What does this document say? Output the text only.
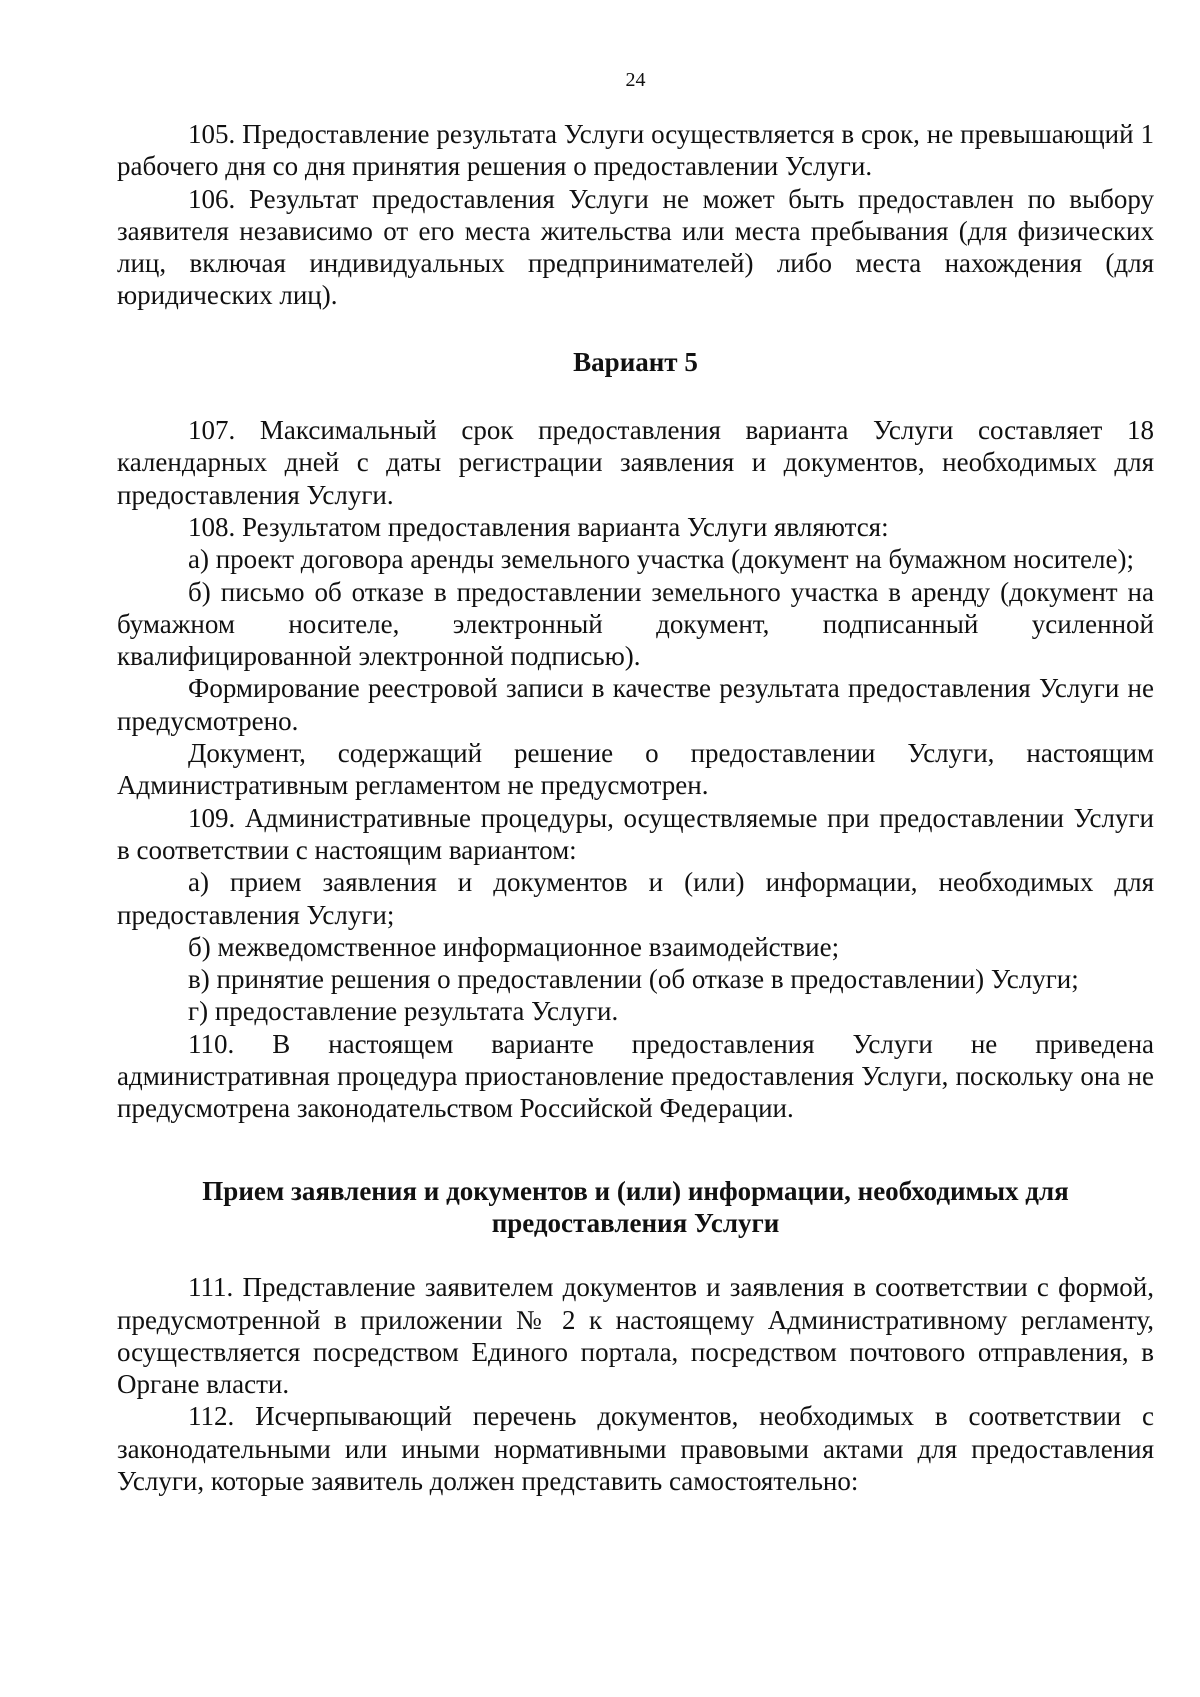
24

105. Предоставление результата Услуги осуществляется в срок, не превышающий 1 рабочего дня со дня принятия решения о предоставлении Услуги.

106. Результат предоставления Услуги не может быть предоставлен по выбору заявителя независимо от его места жительства или места пребывания (для физических лиц, включая индивидуальных предпринимателей) либо места нахождения (для юридических лиц).

Вариант 5

107. Максимальный срок предоставления варианта Услуги составляет 18 календарных дней с даты регистрации заявления и документов, необходимых для предоставления Услуги.

108. Результатом предоставления варианта Услуги являются:

а) проект договора аренды земельного участка (документ на бумажном носителе);

б) письмо об отказе в предоставлении земельного участка в аренду (документ на бумажном носителе, электронный документ, подписанный усиленной квалифицированной электронной подписью).

Формирование реестровой записи в качестве результата предоставления Услуги не предусмотрено.

Документ, содержащий решение о предоставлении Услуги, настоящим Административным регламентом не предусмотрен.

109. Административные процедуры, осуществляемые при предоставлении Услуги в соответствии с настоящим вариантом:

а) прием заявления и документов и (или) информации, необходимых для предоставления Услуги;

б) межведомственное информационное взаимодействие;

в) принятие решения о предоставлении (об отказе в предоставлении) Услуги;

г) предоставление результата Услуги.

110. В настоящем варианте предоставления Услуги не приведена административная процедура приостановление предоставления Услуги, поскольку она не предусмотрена законодательством Российской Федерации.

Прием заявления и документов и (или) информации, необходимых для предоставления Услуги

111. Представление заявителем документов и заявления в соответствии с формой, предусмотренной в приложении № 2 к настоящему Административному регламенту, осуществляется посредством Единого портала, посредством почтового отправления, в Органе власти.

112. Исчерпывающий перечень документов, необходимых в соответствии с законодательными или иными нормативными правовыми актами для предоставления Услуги, которые заявитель должен представить самостоятельно:
